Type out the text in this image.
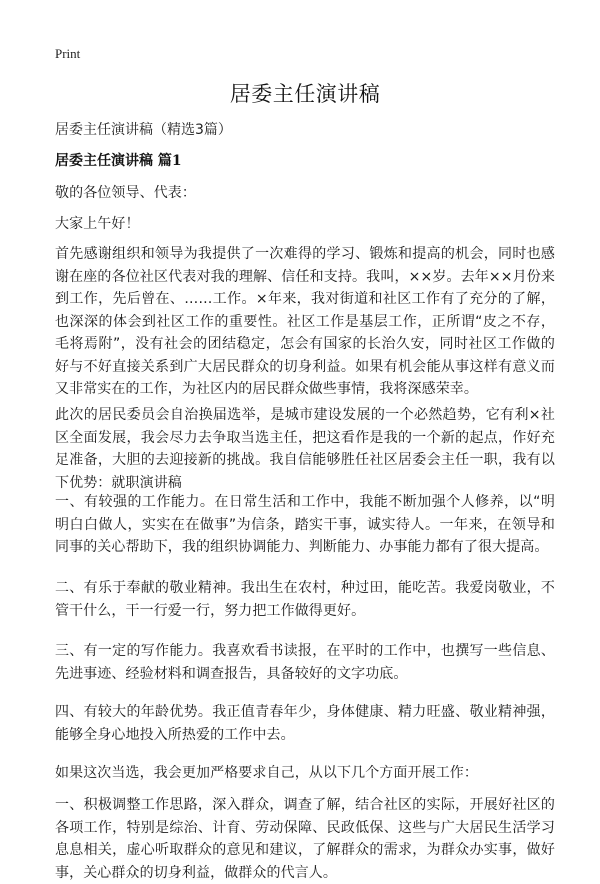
Print
居委主任演讲稿
居委主任演讲稿（精选3篇）
居委主任演讲稿 篇1
敬的各位领导、代表：
大家上午好！
首先感谢组织和领导为我提供了一次难得的学习、锻炼和提高的机会，同时也感谢在座的各位社区代表对我的理解、信任和支持。我叫，××岁。去年××月份来到工作，先后曾在、……工作。×年来，我对街道和社区工作有了充分的了解，也深深的体会到社区工作的重要性。社区工作是基层工作，正所谓“皮之不存，毛将焉附”，没有社会的团结稳定，怎会有国家的长治久安，同时社区工作做的好与不好直接关系到广大居民群众的切身利益。如果有机会能从事这样有意义而又非常实在的工作，为社区内的居民群众做些事情，我将深感荣幸。
此次的居民委员会自治换届选举，是城市建设发展的一个必然趋势，它有利×社区全面发展，我会尽力去争取当选主任，把这看作是我的一个新的起点，作好充足准备，大胆的去迎接新的挑战。我自信能够胜任社区居委会主任一职，我有以下优势：就职演讲稿
一、有较强的工作能力。在日常生活和工作中，我能不断加强个人修养，以“明明白白做人，实实在在做事”为信条，踏实干事，诚实待人。一年来，在领导和同事的关心帮助下，我的组织协调能力、判断能力、办事能力都有了很大提高。
二、有乐于奉献的敬业精神。我出生在农村，种过田，能吃苦。我爱岗敬业，不管干什么，干一行爱一行，努力把工作做得更好。
三、有一定的写作能力。我喜欢看书读报，在平时的工作中，也撰写一些信息、先进事迹、经验材料和调查报告，具备较好的文字功底。
四、有较大的年龄优势。我正值青春年少，身体健康、精力旺盛、敬业精神强，能够全身心地投入所热爱的工作中去。
如果这次当选，我会更加严格要求自己，从以下几个方面开展工作：
一、积极调整工作思路，深入群众，调查了解，结合社区的实际，开展好社区的各项工作，特别是综治、计育、劳动保障、民政低保、这些与广大居民生活学习息息相关，虚心听取群众的意见和建议，了解群众的需求，为群众办实事，做好事，关心群众的切身利益，做群众的代言人。
